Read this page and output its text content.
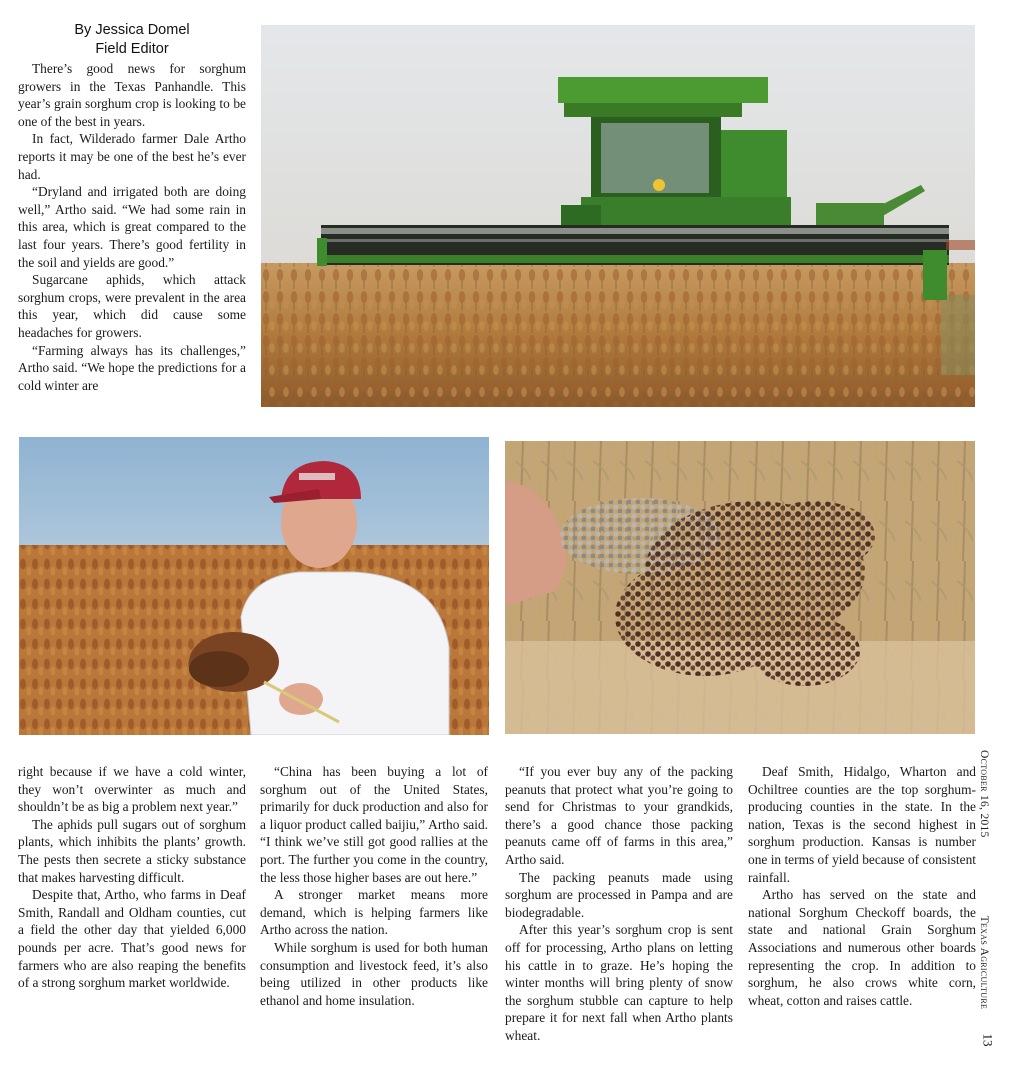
By Jessica Domel
Field Editor

There’s good news for sorghum growers in the Texas Panhandle. This year’s grain sorghum crop is looking to be one of the best in years.

In fact, Wilderado farmer Dale Artho reports it may be one of the best he’s ever had.

“Dryland and irrigated both are doing well,” Artho said. “We had some rain in this area, which is great compared to the last four years. There’s good fertility in the soil and yields are good.”

Sugarcane aphids, which attack sorghum crops, were prevalent in the area this year, which did cause some headaches for growers.

“Farming always has its challenges,” Artho said. “We hope the predictions for a cold winter are

right because if we have a cold winter, they won’t overwinter as much and shouldn’t be as big a problem next year.”

The aphids pull sugars out of sorghum plants, which inhibits the plants’ growth. The pests then secrete a sticky substance that makes harvesting difficult.

Despite that, Artho, who farms in Deaf Smith, Randall and Oldham counties, cut a field the other day that yielded 6,000 pounds per acre. That’s good news for farmers who are also reaping the benefits of a strong sorghum market worldwide.

“China has been buying a lot of sorghum out of the United States, primarily for duck production and also for a liquor product called baijiu,” Artho said. “I think we’ve still got good rallies at the port. The further you come in the country, the less those higher bases are out here.”

A stronger market means more demand, which is helping farmers like Artho across the nation.

While sorghum is used for both human consumption and livestock feed, it’s also being utilized in other products like ethanol and home insulation.

“If you ever buy any of the packing peanuts that protect what you’re going to send for Christmas to your grandkids, there’s a good chance those packing peanuts came off of farms in this area,” Artho said.

The packing peanuts made using sorghum are processed in Pampa and are biodegradable.

After this year’s sorghum crop is sent off for processing, Artho plans on letting his cattle in to graze. He’s hoping the winter months will bring plenty of snow the sorghum stubble can capture to help prepare it for next fall when Artho plants wheat.

Deaf Smith, Hidalgo, Wharton and Ochiltree counties are the top sorghum-producing counties in the state. In the nation, Texas is the second highest in sorghum production. Kansas is number one in terms of yield because of consistent rainfall.

Artho has served on the state and national Sorghum Checkoff boards, the state and national Grain Sorghum Associations and numerous other boards representing the crop. In addition to sorghum, he also crows white corn, wheat, cotton and raises cattle.

October 16, 2015Texas Agriculture
13
